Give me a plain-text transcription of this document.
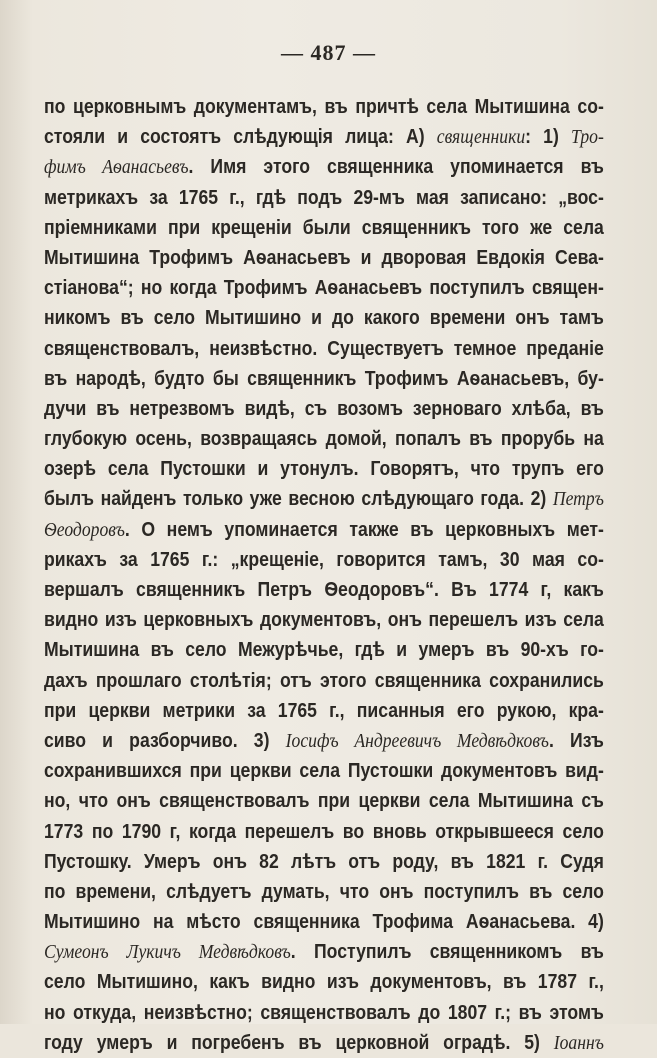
— 487 —
по церковнымъ документамъ, въ причтѣ села Мытишина со-
стояли и состоятъ слѣдующія лица: А) священники: 1) Тро-
фимъ Аѳанасьевъ. Имя этого священника упоминается въ
метрикахъ за 1765 г., гдѣ подъ 29-мъ мая записано: „вос-
пріемниками при крещеніи были священникъ того же села
Мытишина Трофимъ Аѳанасьевъ и дворовая Евдокія Сева-
стіанова“; но когда Трофимъ Аѳанасьевъ поступилъ священ-
никомъ въ село Мытишино и до какого времени онъ тамъ
священствовалъ, неизвѣстно. Существуетъ темное преданіе
въ народѣ, будто бы священникъ Трофимъ Аѳанасьевъ, бу-
дучи въ нетрезвомъ видѣ, съ возомъ зерноваго хлѣба, въ
глубокую осень, возвращаясь домой, попалъ въ прорубь на
озерѣ села Пустошки и утонулъ. Говорятъ, что трупъ его
былъ найденъ только уже весною слѣдующаго года. 2) Петръ
Ѳеодоровъ. О немъ упоминается также въ церковныхъ мет-
рикахъ за 1765 г.: „крещеніе, говорится тамъ, 30 мая со-
вершалъ священникъ Петръ Ѳеодоровъ“. Въ 1774 г, какъ
видно изъ церковныхъ документовъ, онъ перешелъ изъ села
Мытишина въ село Межурѣчье, гдѣ и умеръ въ 90-хъ го-
дахъ прошлаго столѣтія; отъ этого священника сохранились
при церкви метрики за 1765 г., писанныя его рукою, кра-
сиво и разборчиво. 3) Іосифъ Андреевичъ Медвѣдковъ. Изъ
сохранившихся при церкви села Пустошки документовъ вид-
но, что онъ священствовалъ при церкви села Мытишина съ
1773 по 1790 г, когда перешелъ во вновь открывшееся село
Пустошку. Умеръ онъ 82 лѣтъ отъ роду, въ 1821 г. Судя
по времени, слѣдуетъ думать, что онъ поступилъ въ село
Мытишино на мѣсто священника Трофима Аѳанасьева. 4)
Сумеонъ Лукичъ Медвѣдковъ. Поступилъ священникомъ въ
село Мытишино, какъ видно изъ документовъ, въ 1787 г.,
но откуда, неизвѣстно; священствовалъ до 1807 г.; въ этомъ
году умеръ и погребенъ въ церковной оградѣ. 5) Іоаннъ
